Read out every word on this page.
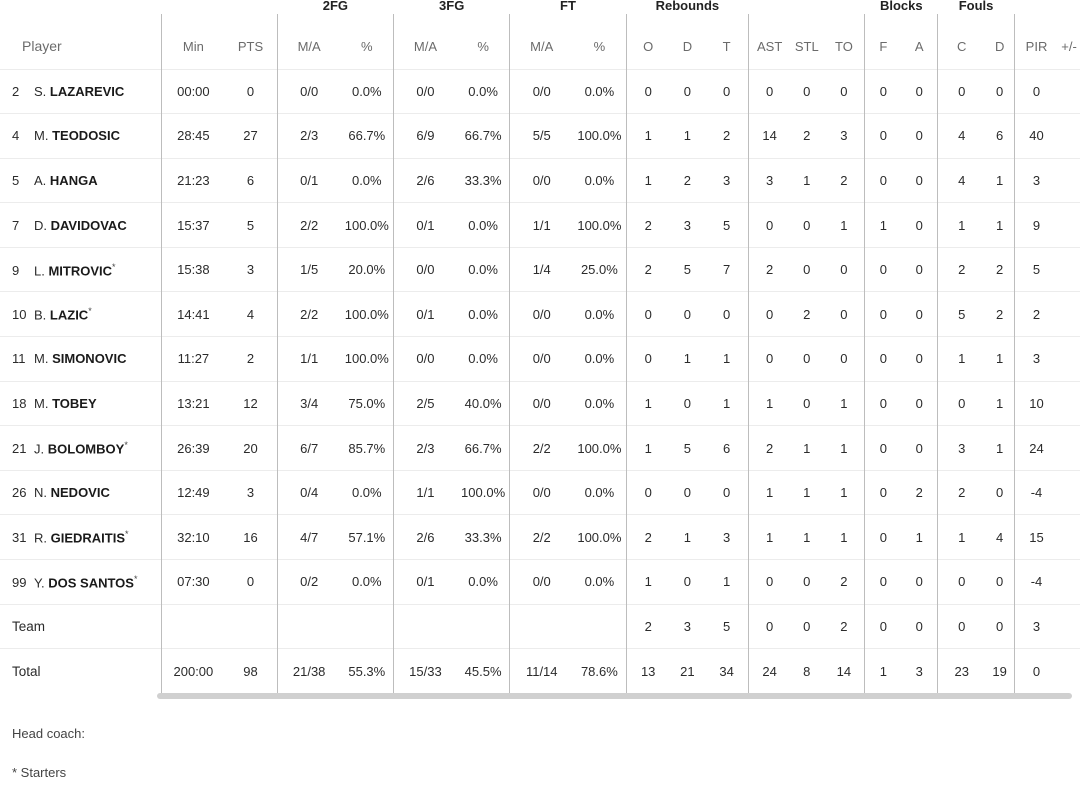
			2FG		3FG		FT		Rebounds						Blocks		Fouls			
Player	Min	PTS	M/A	%	M/A	%	M/A	%	O	D	T	AST	STL	TO	F	A	C	D	PIR	+/-
2 S. LAZAREVIC	00:00	0	0/0	0.0%	0/0	0.0%	0/0	0.0%	0	0	0	0	0	0	0	0	0	0	0	
4 M. TEODOSIC	28:45	27	2/3	66.7%	6/9	66.7%	5/5	100.0%	1	1	2	14	2	3	0	0	4	6	40	
5 A. HANGA	21:23	6	0/1	0.0%	2/6	33.3%	0/0	0.0%	1	2	3	3	1	2	0	0	4	1	3	
7 D. DAVIDOVAC	15:37	5	2/2	100.0%	0/1	0.0%	1/1	100.0%	2	3	5	0	0	1	1	0	1	1	9	
9 L. MITROVIC*	15:38	3	1/5	20.0%	0/0	0.0%	1/4	25.0%	2	5	7	2	0	0	0	0	2	2	5	
10 B. LAZIC*	14:41	4	2/2	100.0%	0/1	0.0%	0/0	0.0%	0	0	0	0	2	0	0	0	5	2	2	
11 M. SIMONOVIC	11:27	2	1/1	100.0%	0/0	0.0%	0/0	0.0%	0	1	1	0	0	0	0	0	1	1	3	
18 M. TOBEY	13:21	12	3/4	75.0%	2/5	40.0%	0/0	0.0%	1	0	1	1	0	1	0	0	0	1	10	
21 J. BOLOMBOY*	26:39	20	6/7	85.7%	2/3	66.7%	2/2	100.0%	1	5	6	2	1	1	0	0	3	1	24	
26 N. NEDOVIC	12:49	3	0/4	0.0%	1/1	100.0%	0/0	0.0%	0	0	0	1	1	1	0	2	2	0	-4	
31 R. GIEDRAITIS*	32:10	16	4/7	57.1%	2/6	33.3%	2/2	100.0%	2	1	3	1	1	1	0	1	1	4	15	
99 Y. DOS SANTOS*	07:30	0	0/2	0.0%	0/1	0.0%	0/0	0.0%	1	0	1	0	0	2	0	0	0	0	-4	
Team									2	3	5	0	0	2	0	0	0	0	3	
Total	200:00	98	21/38	55.3%	15/33	45.5%	11/14	78.6%	13	21	34	24	8	14	1	3	23	19	0	
Head coach:
* Starters
